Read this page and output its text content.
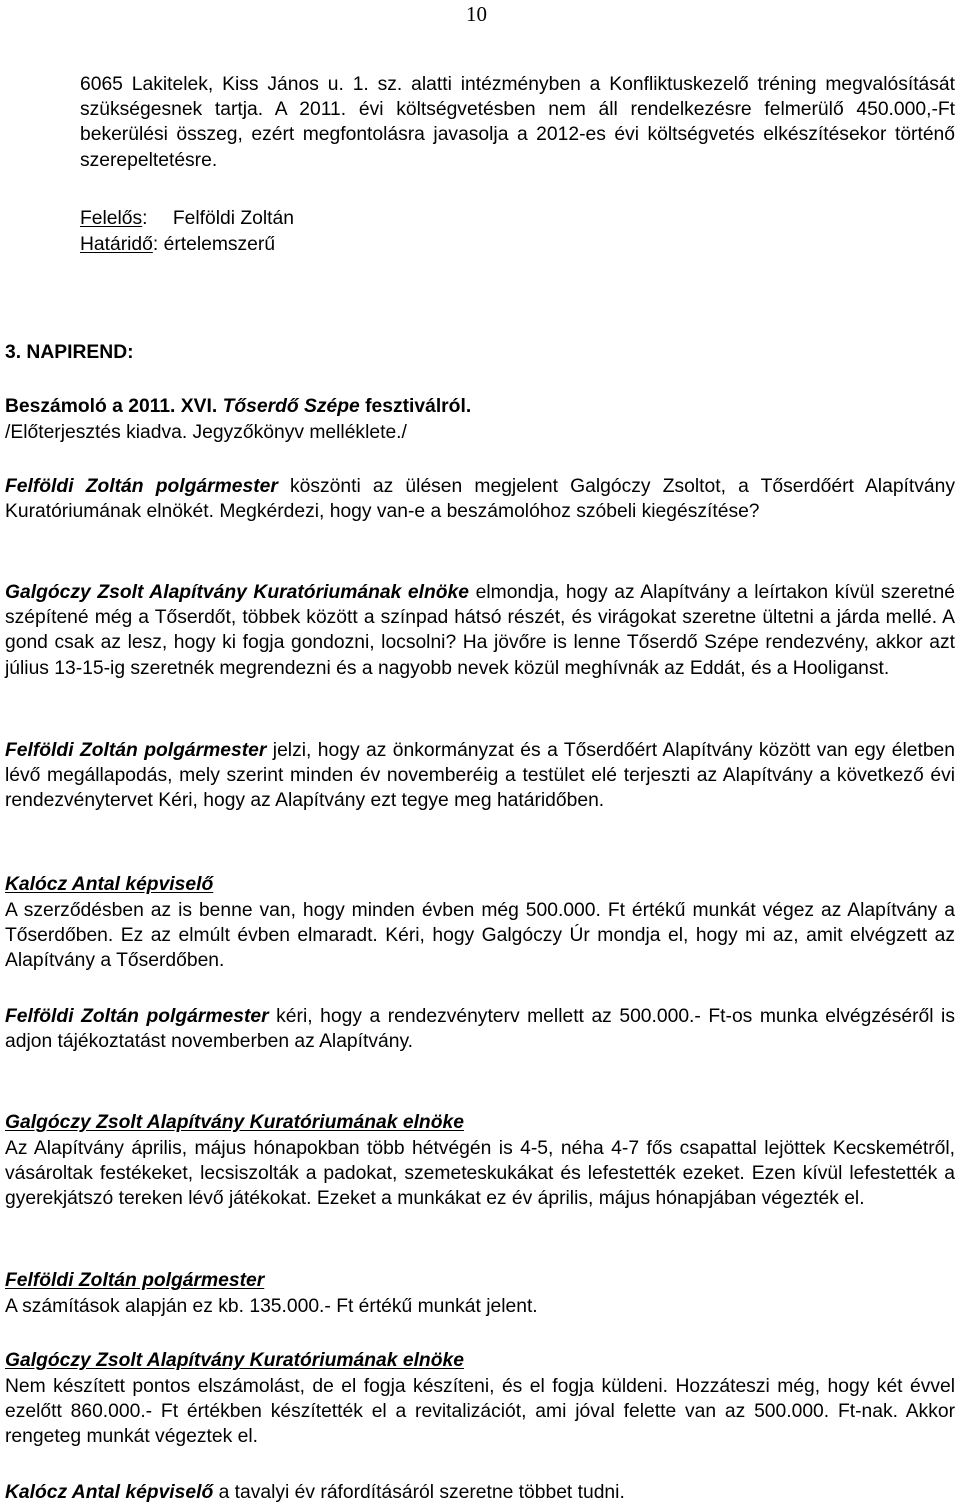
10

6065 Lakitelek, Kiss János u. 1. sz. alatti intézményben a Konfliktuskezelő tréning megvalósítását szükségesnek tartja. A 2011. évi költségvetésben nem áll rendelkezésre felmerülő 450.000,-Ft bekerülési összeg, ezért megfontolásra javasolja a 2012-es évi költségvetés elkészítésekor történő szerepeltetésre.

Felelős: Felföldi Zoltán
Határidő: értelemszerű
3. NAPIREND:
Beszámoló a 2011. XVI. Tőserdő Szépe fesztiválról.
/Előterjesztés kiadva. Jegyzőkönyv melléklete./

Felföldi Zoltán polgármester köszönti az ülésen megjelent Galgóczy Zsoltot, a Tőserdőért Alapítvány Kuratóriumának elnökét. Megkérdezi, hogy van-e a beszámolóhoz szóbeli kiegészítése?

Galgóczy Zsolt Alapítvány Kuratóriumának elnöke elmondja, hogy az Alapítvány a leírtakon kívül szeretné szépítené még a Tőserdőt, többek között a színpad hátsó részét, és virágokat szeretne ültetni a járda mellé. A gond csak az lesz, hogy ki fogja gondozni, locsolni? Ha jövőre is lenne Tőserdő Szépe rendezvény, akkor azt július 13-15-ig szeretnék megrendezni és a nagyobb nevek közül meghívnák az Eddát, és a Hooliganst.

Felföldi Zoltán polgármester jelzi, hogy az önkormányzat és a Tőserdőért Alapítvány között van egy életben lévő megállapodás, mely szerint minden év novemberéig a testület elé terjeszti az Alapítvány a következő évi rendezvénytervet Kéri, hogy az Alapítvány ezt tegye meg határidőben.

Kalócz Antal képviselő

A szerződésben az is benne van, hogy minden évben még 500.000. Ft értékű munkát végez az Alapítvány a Tőserdőben. Ez az elmúlt évben elmaradt. Kéri, hogy Galgóczy Úr mondja el, hogy mi az, amit elvégzett az Alapítvány a Tőserdőben.

Felföldi Zoltán polgármester kéri, hogy a rendezvényterv mellett az 500.000.- Ft-os munka elvégzéséről is adjon tájékoztatást novemberben az Alapítvány.

Galgóczy Zsolt Alapítvány Kuratóriumának elnöke

Az Alapítvány április, május hónapokban több hétvégén is 4-5, néha 4-7 fős csapattal lejöttek Kecskemétről, vásároltak festékeket, lecsiszolták a padokat, szemeteskukákat és lefestették ezeket. Ezen kívül lefestették a gyerekjátszó tereken lévő játékokat. Ezeket a munkákat ez év április, május hónapjában végezték el.

Felföldi Zoltán polgármester

A számítások alapján ez kb. 135.000.- Ft értékű munkát jelent.

Galgóczy Zsolt Alapítvány Kuratóriumának elnöke

Nem készített pontos elszámolást, de el fogja készíteni, és el fogja küldeni. Hozzáteszi még, hogy két évvel ezelőtt 860.000.- Ft értékben készítették el a revitalizációt, ami jóval felette van az 500.000. Ft-nak. Akkor rengeteg munkát végeztek el.

Kalócz Antal képviselő a tavalyi év ráfordításáról szeretne többet tudni.
